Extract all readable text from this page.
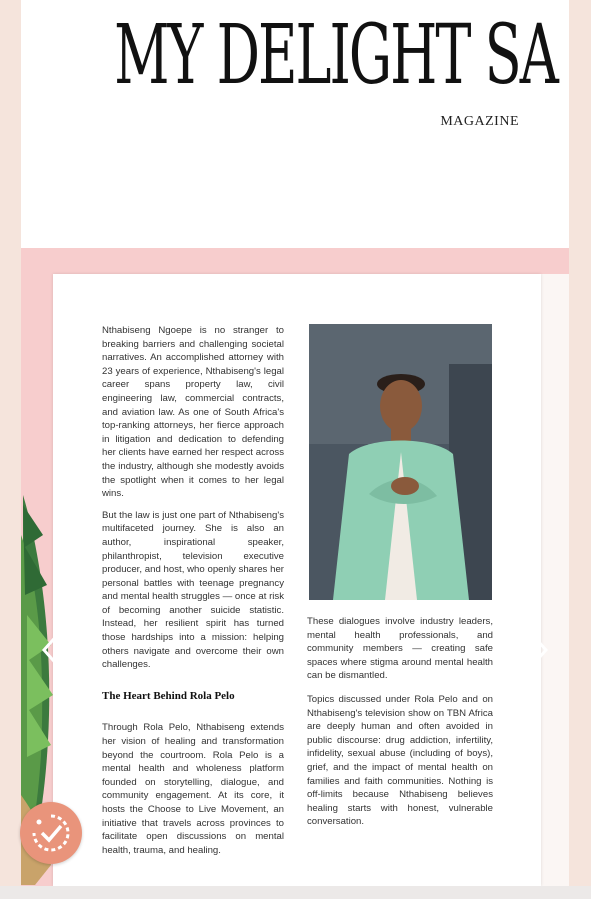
MY DELIGHT SA
MAGAZINE

Nthabiseng Ngoepe is no stranger to breaking barriers and challenging societal narratives. An accomplished attorney with 23 years of experience, Nthabiseng's legal career spans property law, civil engineering law, commercial contracts, and aviation law. As one of South Africa's top-ranking attorneys, her fierce approach in litigation and dedication to defending her clients have earned her respect across the industry, although she modestly avoids the spotlight when it comes to her legal wins.

But the law is just one part of Nthabiseng's multifaceted journey. She is also an author, inspirational speaker, philanthropist, television executive producer, and host, who openly shares her personal battles with teenage pregnancy and mental health struggles — once at risk of becoming another suicide statistic. Instead, her resilient spirit has turned those hardships into a mission: helping others navigate and overcome their own challenges.

The Heart Behind Rola Pelo

Through Rola Pelo, Nthabiseng extends her vision of healing and transformation beyond the courtroom. Rola Pelo is a mental health and wholeness platform founded on storytelling, dialogue, and community engagement. At its core, it hosts the Choose to Live Movement, an initiative that travels across provinces to facilitate open discussions on mental health, trauma, and healing.

These dialogues involve industry leaders, mental health professionals, and community members — creating safe spaces where stigma around mental health can be dismantled.

Topics discussed under Rola Pelo and on Nthabiseng's television show on TBN Africa are deeply human and often avoided in public discourse: drug addiction, infertility, infidelity, sexual abuse (including of boys), grief, and the impact of mental health on families and faith communities. Nothing is off-limits because Nthabiseng believes healing starts with honest, vulnerable conversation.
